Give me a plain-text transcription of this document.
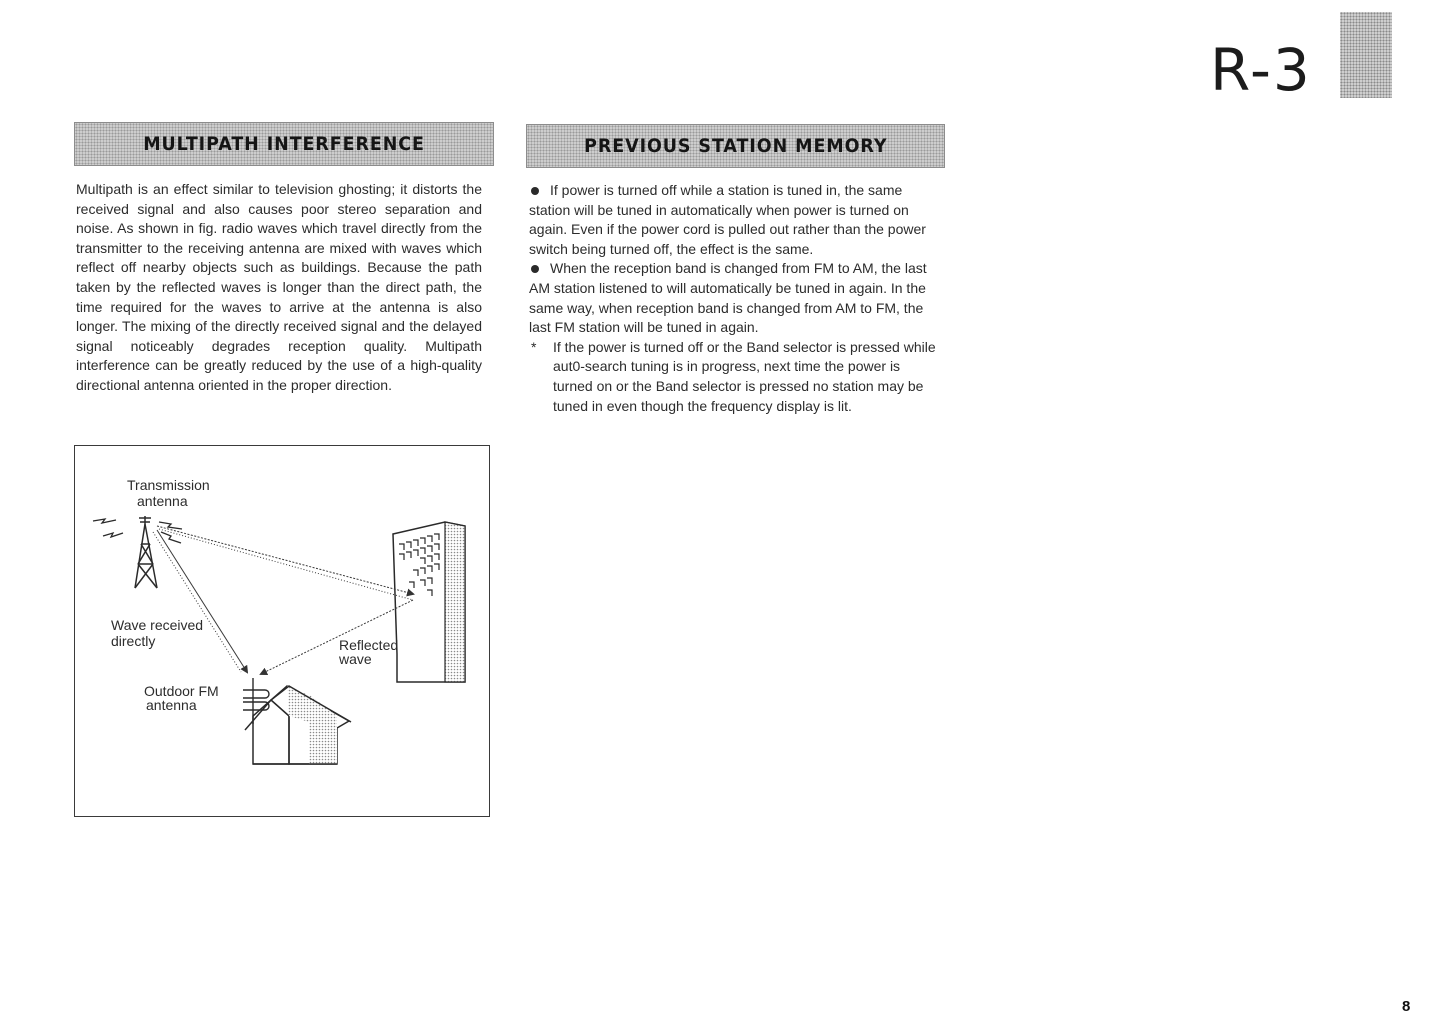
R-3
MULTIPATH INTERFERENCE
Multipath is an effect similar to television ghosting; it distorts the received signal and also causes poor stereo separation and noise. As shown in fig. radio waves which travel directly from the transmitter to the receiving antenna are mixed with waves which reflect off nearby objects such as buildings. Because the path taken by the reflected waves is longer than the direct path, the time required for the waves to arrive at the antenna is also longer. The mixing of the directly received signal and the delayed signal noticeably degrades reception quality. Multipath interference can be greatly reduced by the use of a high-quality directional antenna oriented in the proper direction.
Transmission
antenna
Wave received
directly	Reflected
wave
Outdoor FM
antenna
PREVIOUS STATION MEMORY

If power is turned off while a station is tuned in, the same station will be tuned in automatically when power is turned on again. Even if the power cord is pulled out rather than the power switch being turned off, the effect is the same.

When the reception band is changed from FM to AM, the last AM station listened to will automatically be tuned in again. In the same way, when reception band is changed from AM to FM, the last FM station will be tuned in again.

* If the power is turned off or the Band selector is pressed while aut0-search tuning is in progress, next time the power is turned on or the Band selector is pressed no station may be tuned in even though the frequency display is lit.

8
